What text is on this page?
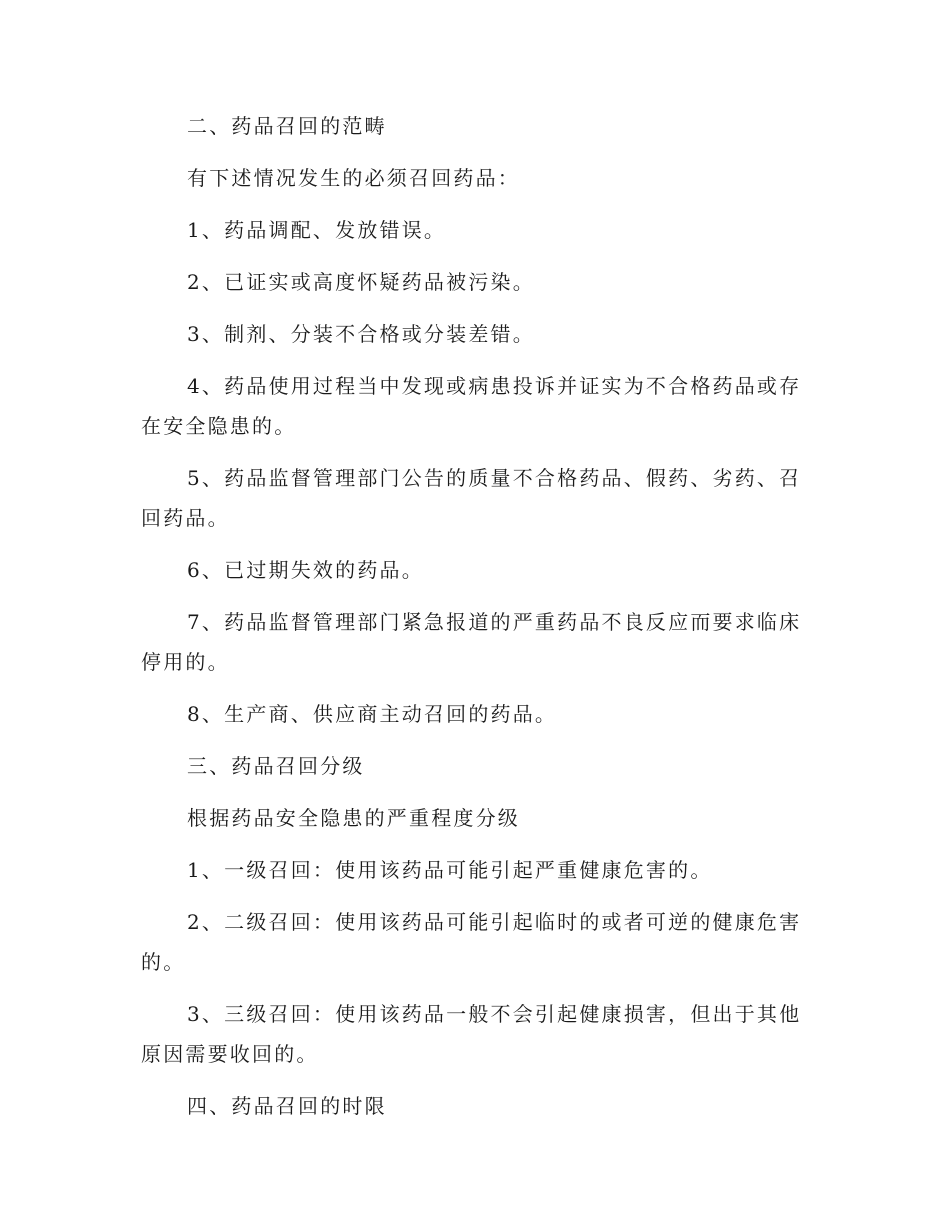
二、药品召回的范畴

有下述情况发生的必须召回药品：

1、药品调配、发放错误。

2、已证实或高度怀疑药品被污染。

3、制剂、分装不合格或分装差错。

4、药品使用过程当中发现或病患投诉并证实为不合格药品或存在安全隐患的。

5、药品监督管理部门公告的质量不合格药品、假药、劣药、召回药品。

6、已过期失效的药品。

7、药品监督管理部门紧急报道的严重药品不良反应而要求临床停用的。

8、生产商、供应商主动召回的药品。

三、药品召回分级

根据药品安全隐患的严重程度分级

1、一级召回：使用该药品可能引起严重健康危害的。

2、二级召回：使用该药品可能引起临时的或者可逆的健康危害的。

3、三级召回：使用该药品一般不会引起健康损害，但出于其他原因需要收回的。

四、药品召回的时限
